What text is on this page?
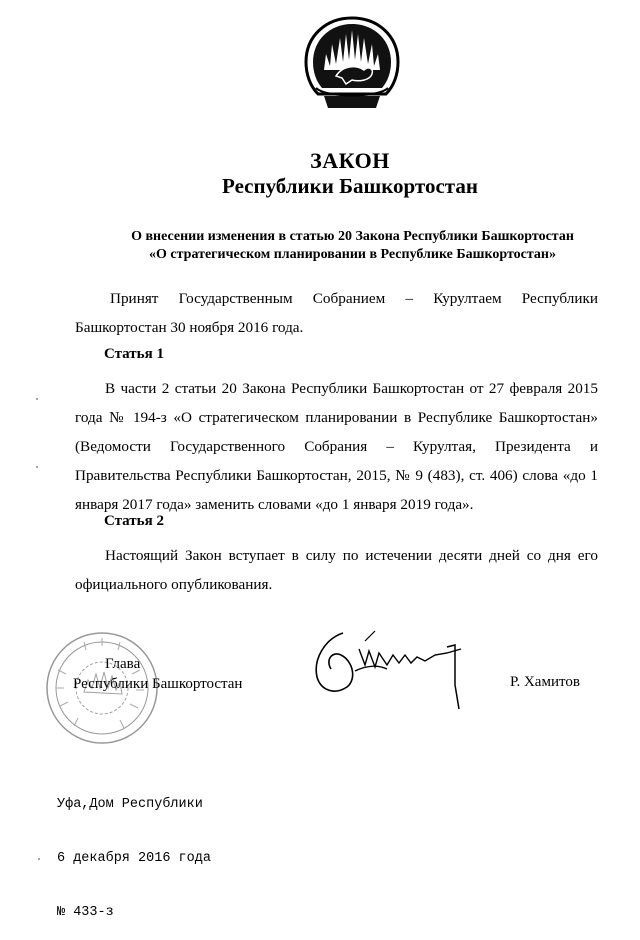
ЗАКОН
Республики Башкортостан
О внесении изменения в статью 20 Закона Республики Башкортостан
«О стратегическом планировании в Республике Башкортостан»
Принят Государственным Собранием – Курултаем Республики Башкортостан 30 ноября 2016 года.
Статья 1
В части 2 статьи 20 Закона Республики Башкортостан от 27 февраля 2015 года № 194-з «О стратегическом планировании в Республике Башкортостан» (Ведомости Государственного Собрания – Курултая, Президента и Правительства Республики Башкортостан, 2015, № 9 (483), ст. 406) слова «до 1 января 2017 года» заменить словами «до 1 января 2019 года».
Статья 2
Настоящий Закон вступает в силу по истечении десяти дней со дня его официального опубликования.
Глава
Республики Башкортостан	Р. Хамитов

Уфа,Дом Республики

6 декабря 2016 года

№ 433-з
